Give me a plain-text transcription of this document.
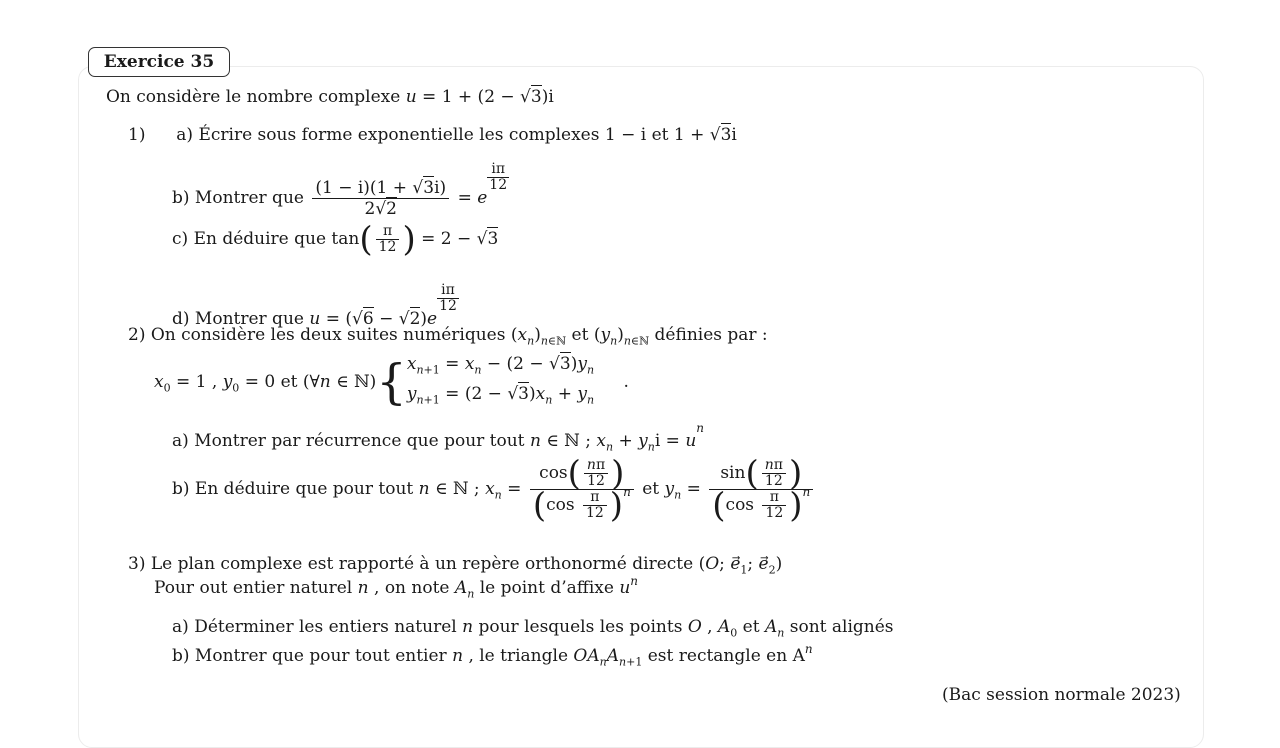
Exercice 35
On considère le nombre complexe u = 1 + (2 − √3)i
1) a) Écrire sous forme exponentielle les complexes 1 − i et 1 + √3i
b) Montrer que $\frac{(1 - i)(1 + √3i)}{2√2} = e$
$\frac{i\pi}{12}$
c) En déduire que $\tan( \frac{\pi}{12}$ ) = 2 − √3
d) Montrer que u = (√6 − √2)e
$\frac{i\pi}{12}$
2) On considère les deux suites numériques $(x_n)_{n\in ℕ}$ et $(y_n)_{n\in ℕ}$ définies par :
$x_0 = 1$ , $y_0 = 0$ et (∀n ∈ ℕ){ $x_{n+1} = x_n - (2 - √3)y_n$
$y_{n+1} = (2 - √3)x_n + y_n$
.
a) Montrer par récurrence que pour tout n ∈ ℕ ; $x_n + y_ni = u^n$
b) En déduire que pour tout n ∈ ℕ ; $x_n = \frac{\cos( \frac{n\pi}{12} )}{(\cos \frac{\pi}{12} )^n}$ et $y_n = \frac{\sin( \frac{n\pi}{12} )}{(\cos \frac{\pi}{12} )^n}$
3) Le plan complexe est rapporté à un repère orthonormé directe (O; $e_1$; $e_2$)
Pour out entier naturel n , on note $A_n$ le point d’affixe $u^n$
a) Déterminer les entiers naturel n pour lesquels les points O , $A_0$ et $A_n$ sont alignés
b) Montrer que pour tout entier n , le triangle $OA_nA_{n+1}$ est rectangle en $A^n$
(Bac session normale 2023)
